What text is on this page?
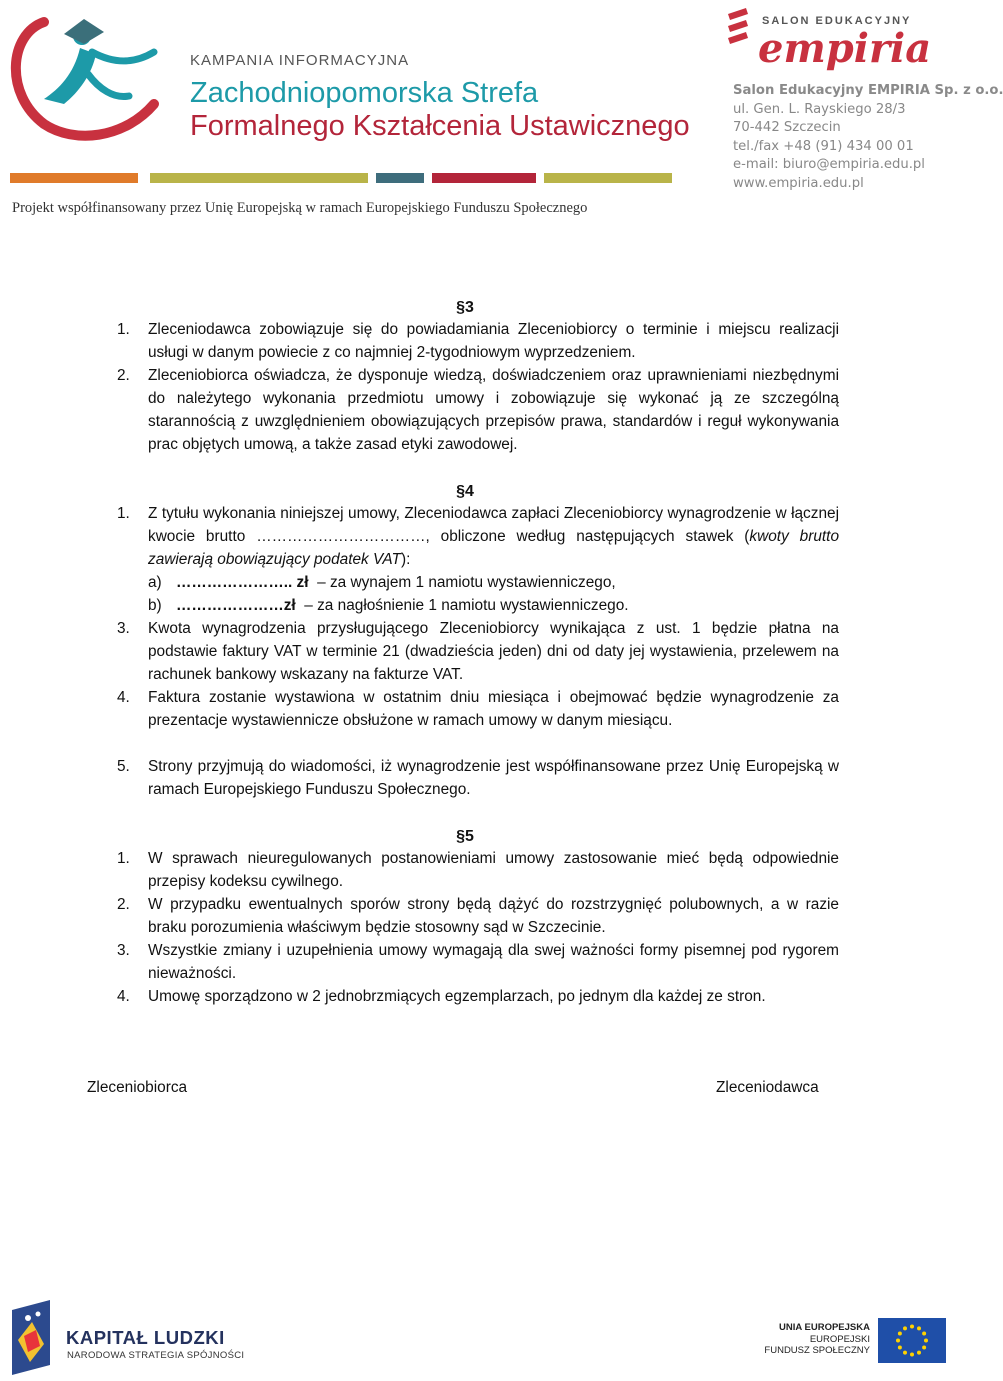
KAMPANIA INFORMACYJNA
Zachodniopomorska Strefa
Formalnego Kształcenia Ustawicznego
Projekt współfinansowany przez Unię Europejską w ramach Europejskiego Funduszu Społecznego
SALON EDUKACYJNY
empiria
Salon Edukacyjny EMPIRIA Sp. z o.o.
ul. Gen. L. Rayskiego 28/3
70-442 Szczecin
tel./fax +48 (91) 434 00 01
e-mail: biuro@empiria.edu.pl
www.empiria.edu.pl
§3
1.	Zleceniodawca zobowiązuje się do powiadamiania Zleceniobiorcy o terminie i miejscu realizacji usługi w danym powiecie z co najmniej 2-tygodniowym wyprzedzeniem.
2.	Zleceniobiorca oświadcza, że dysponuje wiedzą, doświadczeniem oraz uprawnieniami niezbędnymi do należytego wykonania przedmiotu umowy i zobowiązuje się wykonać ją ze szczególną starannością z uwzględnieniem obowiązujących przepisów prawa, standardów i reguł wykonywania prac objętych umową, a także zasad etyki zawodowej.
§4
1.	Z tytułu wykonania niniejszej umowy, Zleceniodawca zapłaci Zleceniobiorcy wynagrodzenie w łącznej kwocie brutto ……………………………, obliczone według następujących stawek (kwoty brutto zawierają obowiązujący podatek VAT):
a) ………………….. zł – za wynajem 1 namiotu wystawienniczego,
b) …………………zł – za nagłośnienie 1 namiotu wystawienniczego.
3.	Kwota wynagrodzenia przysługującego Zleceniobiorcy wynikająca z ust. 1 będzie płatna na podstawie faktury VAT w terminie 21 (dwadzieścia jeden) dni od daty jej wystawienia, przelewem na rachunek bankowy wskazany na fakturze VAT.
4.	Faktura zostanie wystawiona w ostatnim dniu miesiąca i obejmować będzie wynagrodzenie za prezentacje wystawiennicze obsłużone w ramach umowy w danym miesiącu.
5.	Strony przyjmują do wiadomości, iż wynagrodzenie jest współfinansowane przez Unię Europejską w ramach Europejskiego Funduszu Społecznego.
§5
1.	W sprawach nieuregulowanych postanowieniami umowy zastosowanie mieć będą odpowiednie przepisy kodeksu cywilnego.
2.	W przypadku ewentualnych sporów strony będą dążyć do rozstrzygnięć polubownych, a w razie braku porozumienia właściwym będzie stosowny sąd w Szczecinie.
3.	Wszystkie zmiany i uzupełnienia umowy wymagają dla swej ważności formy pisemnej pod rygorem nieważności.
4.	Umowę sporządzono w 2 jednobrzmiących egzemplarzach, po jednym dla każdej ze stron.
Zleceniobiorca	Zleceniodawca
KAPITAŁ LUDZKI
NARODOWA STRATEGIA SPÓJNOŚCI
UNIA EUROPEJSKA
EUROPEJSKI
FUNDUSZ SPOŁECZNY
